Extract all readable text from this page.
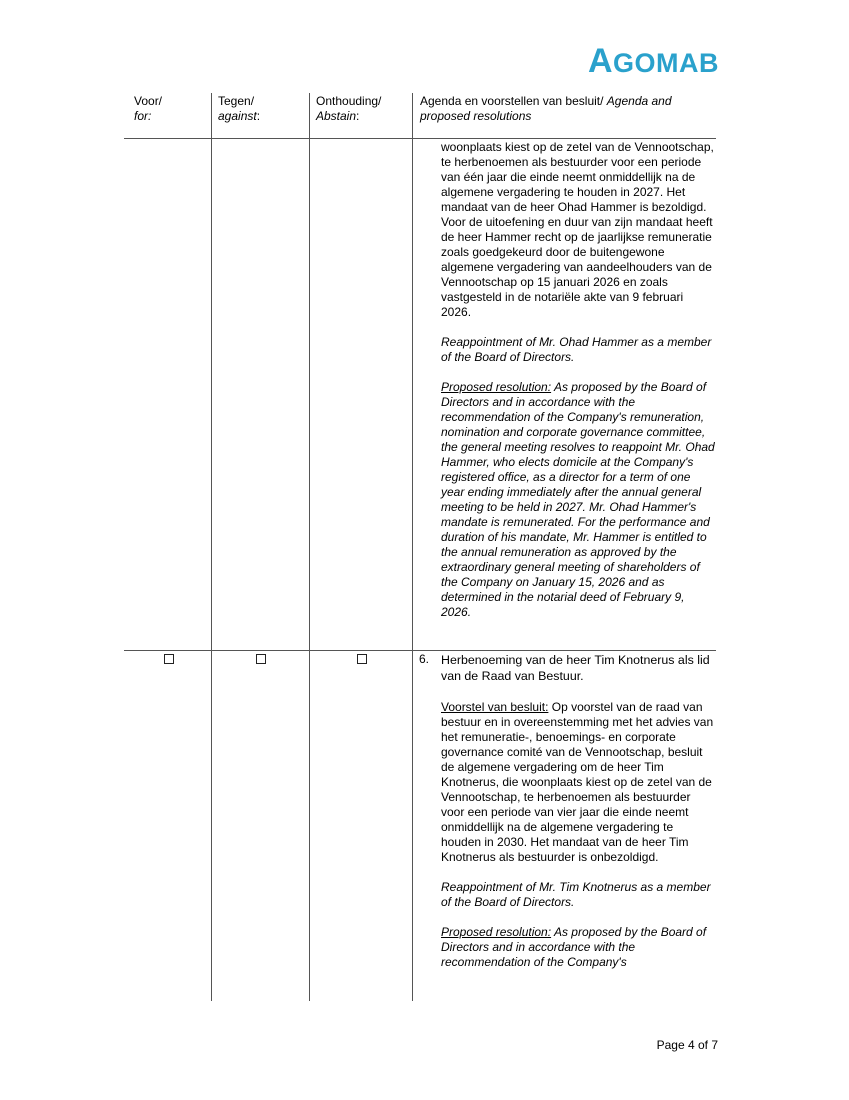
AGOMAB
Voor/
for:
Tegen/
against:
Onthouding/
Abstain:
Agenda en voorstellen van besluit/ Agenda and
proposed resolutions

woonplaats kiest op de zetel van de Vennootschap, te herbenoemen als bestuurder voor een periode van één jaar die einde neemt onmiddellijk na de algemene vergadering te houden in 2027. Het mandaat van de heer Ohad Hammer is bezoldigd. Voor de uitoefening en duur van zijn mandaat heeft de heer Hammer recht op de jaarlijkse remuneratie zoals goedgekeurd door de buitengewone algemene vergadering van aandeelhouders van de Vennootschap op 15 januari 2026 en zoals vastgesteld in de notariële akte van 9 februari 2026.

Reappointment of Mr. Ohad Hammer as a member of the Board of Directors.

Proposed resolution: As proposed by the Board of Directors and in accordance with the recommendation of the Company's remuneration, nomination and corporate governance committee, the general meeting resolves to reappoint Mr. Ohad Hammer, who elects domicile at the Company's registered office, as a director for a term of one year ending immediately after the annual general meeting to be held in 2027. Mr. Ohad Hammer's mandate is remunerated. For the performance and duration of his mandate, Mr. Hammer is entitled to the annual remuneration as approved by the extraordinary general meeting of shareholders of the Company on January 15, 2026 and as determined in the notarial deed of February 9, 2026.

6. Herbenoeming van de heer Tim Knotnerus als lid van de Raad van Bestuur.

Voorstel van besluit: Op voorstel van de raad van bestuur en in overeenstemming met het advies van het remuneratie-, benoemings- en corporate governance comité van de Vennootschap, besluit de algemene vergadering om de heer Tim Knotnerus, die woonplaats kiest op de zetel van de Vennootschap, te herbenoemen als bestuurder voor een periode van vier jaar die einde neemt onmiddellijk na de algemene vergadering te houden in 2030. Het mandaat van de heer Tim Knotnerus als bestuurder is onbezoldigd.

Reappointment of Mr. Tim Knotnerus as a member of the Board of Directors.

Proposed resolution: As proposed by the Board of Directors and in accordance with the recommendation of the Company's

Page 4 of 7
